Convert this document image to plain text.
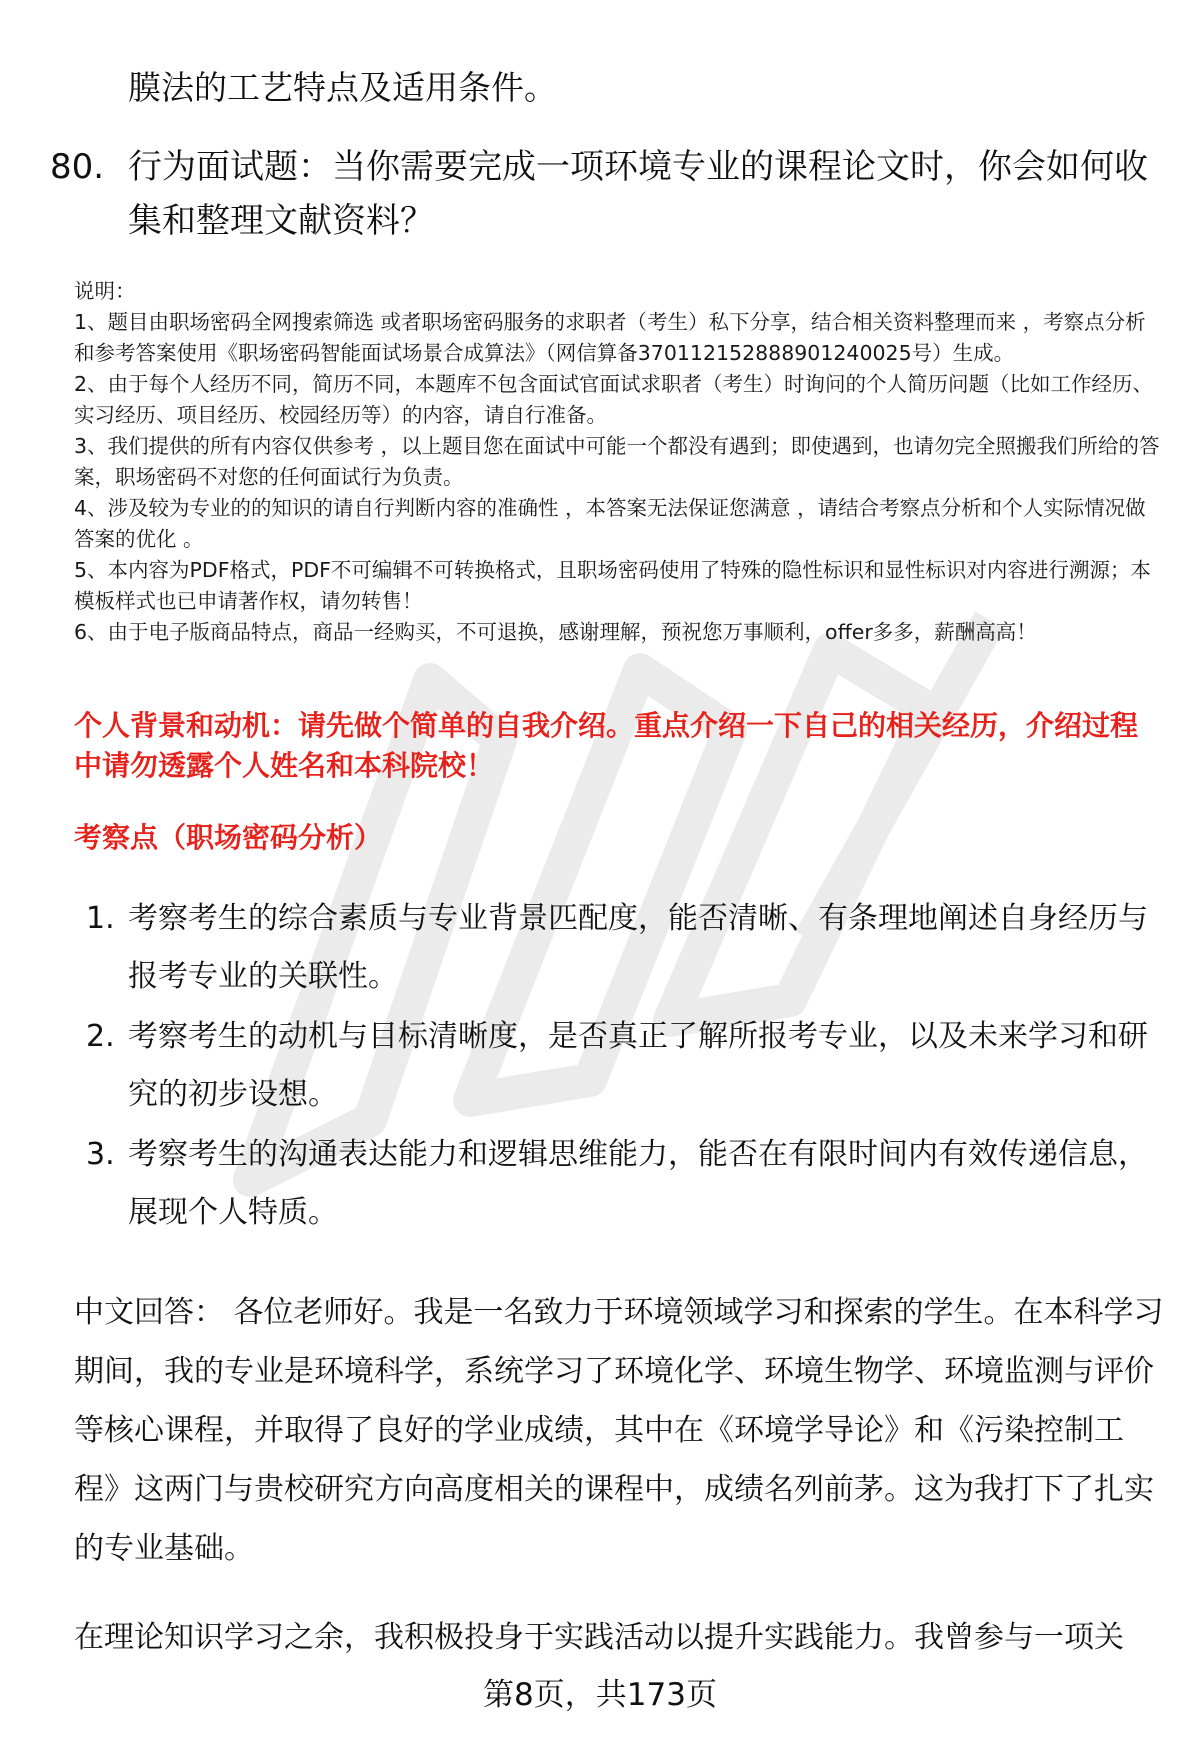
膜法的工艺特点及适用条件。

80. 行为面试题：当你需要完成一项环境专业的课程论文时，你会如何收集和整理文献资料？

说明：

1、题目由职场密码全网搜索筛选 或者职场密码服务的求职者（考生）私下分享，结合相关资料整理而来 ，考察点分析和参考答案使用《职场密码智能面试场景合成算法》（网信算备370112152888901240025号）生成。

2、由于每个人经历不同，简历不同，本题库不包含面试官面试求职者（考生）时询问的个人简历问题（比如工作经历、实习经历、项目经历、校园经历等）的内容，请自行准备。

3、我们提供的所有内容仅供参考 ，以上题目您在面试中可能一个都没有遇到；即使遇到，也请勿完全照搬我们所给的答案，职场密码不对您的任何面试行为负责。

4、涉及较为专业的的知识的请自行判断内容的准确性 ，本答案无法保证您满意 ，请结合考察点分析和个人实际情况做答案的优化 。

5、本内容为PDF格式，PDF不可编辑不可转换格式，且职场密码使用了特殊的隐性标识和显性标识对内容进行溯源；本模板样式也已申请著作权，请勿转售！

6、由于电子版商品特点，商品一经购买，不可退换，感谢理解，预祝您万事顺利，offer多多，薪酬高高！

个人背景和动机：请先做个简单的自我介绍。重点介绍一下自己的相关经历，介绍过程中请勿透露个人姓名和本科院校！

考察点（职场密码分析）

1. 考察考生的综合素质与专业背景匹配度，能否清晰、有条理地阐述自身经历与报考专业的关联性。
2. 考察考生的动机与目标清晰度，是否真正了解所报考专业，以及未来学习和研究的初步设想。
3. 考察考生的沟通表达能力和逻辑思维能力，能否在有限时间内有效传递信息，展现个人特质。

中文回答： 各位老师好。我是一名致力于环境领域学习和探索的学生。在本科学习期间，我的专业是环境科学，系统学习了环境化学、环境生物学、环境监测与评价等核心课程，并取得了良好的学业成绩，其中在《环境学导论》和《污染控制工程》这两门与贵校研究方向高度相关的课程中，成绩名列前茅。这为我打下了扎实的专业基础。

在理论知识学习之余，我积极投身于实践活动以提升实践能力。我曾参与一项关

第8页，共173页
